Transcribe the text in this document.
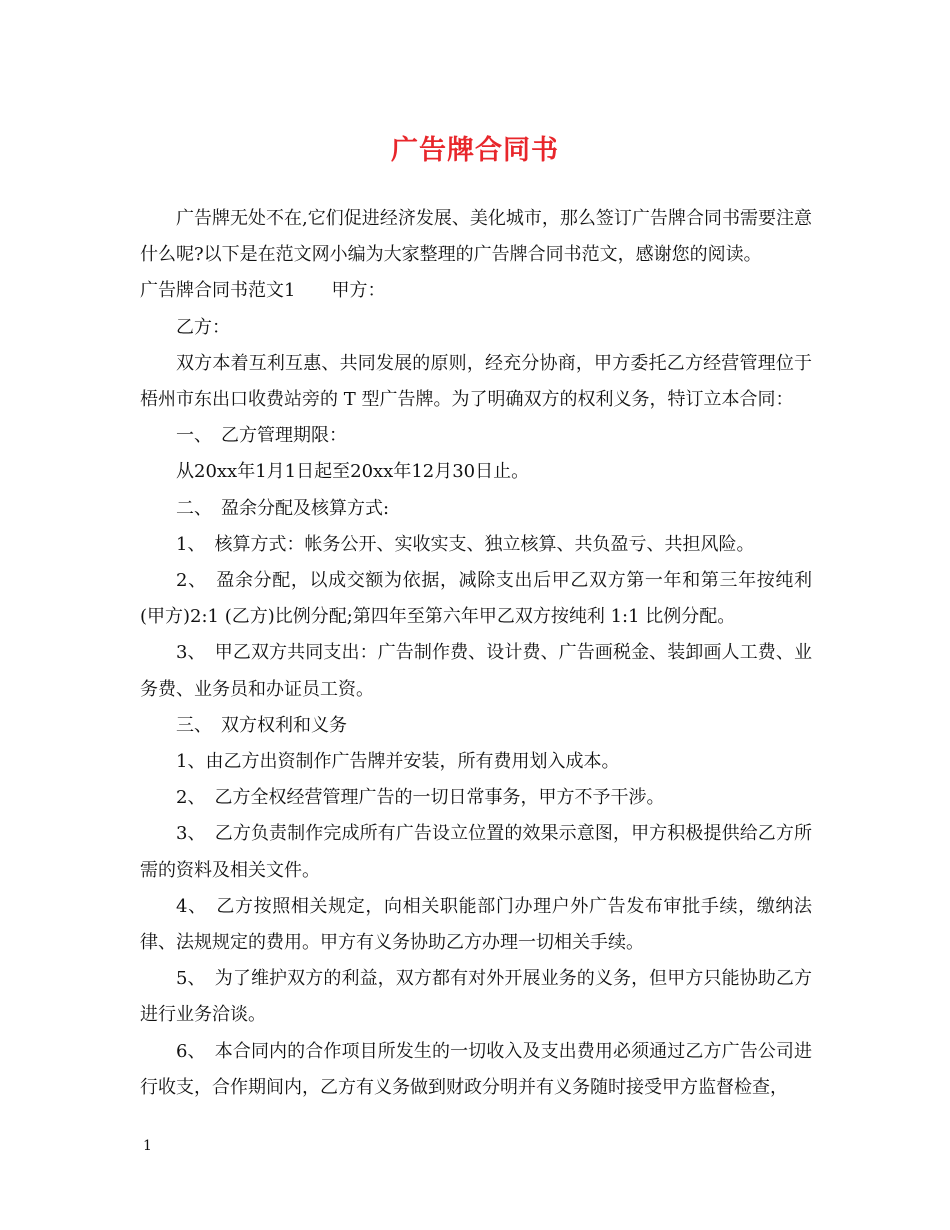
广告牌合同书

广告牌无处不在,它们促进经济发展、美化城市，那么签订广告牌合同书需要注意什么呢?以下是在范文网小编为大家整理的广告牌合同书范文，感谢您的阅读。

广告牌合同书范文1　　甲方：

乙方：

双方本着互利互惠、共同发展的原则，经充分协商，甲方委托乙方经营管理位于梧州市东出口收费站旁的 T 型广告牌。为了明确双方的权利义务，特订立本合同：

一、　乙方管理期限：

从20xx年1月1日起至20xx年12月30日止。

二、　盈余分配及核算方式:

1、　核算方式：帐务公开、实收实支、独立核算、共负盈亏、共担风险。

2、　盈余分配，以成交额为依据，减除支出后甲乙双方第一年和第三年按纯利(甲方)2:1 (乙方)比例分配;第四年至第六年甲乙双方按纯利 1:1 比例分配。

3、　甲乙双方共同支出：广告制作费、设计费、广告画税金、装卸画人工费、业务费、业务员和办证员工资。

三、　双方权利和义务

1、由乙方出资制作广告牌并安装，所有费用划入成本。

2、　乙方全权经营管理广告的一切日常事务，甲方不予干涉。

3、　乙方负责制作完成所有广告设立位置的效果示意图，甲方积极提供给乙方所需的资料及相关文件。

4、　乙方按照相关规定，向相关职能部门办理户外广告发布审批手续，缴纳法律、法规规定的费用。甲方有义务协助乙方办理一切相关手续。

5、　为了维护双方的利益，双方都有对外开展业务的义务，但甲方只能协助乙方进行业务洽谈。

6、　本合同内的合作项目所发生的一切收入及支出费用必须通过乙方广告公司进行收支，合作期间内，乙方有义务做到财政分明并有义务随时接受甲方监督检查，

1
